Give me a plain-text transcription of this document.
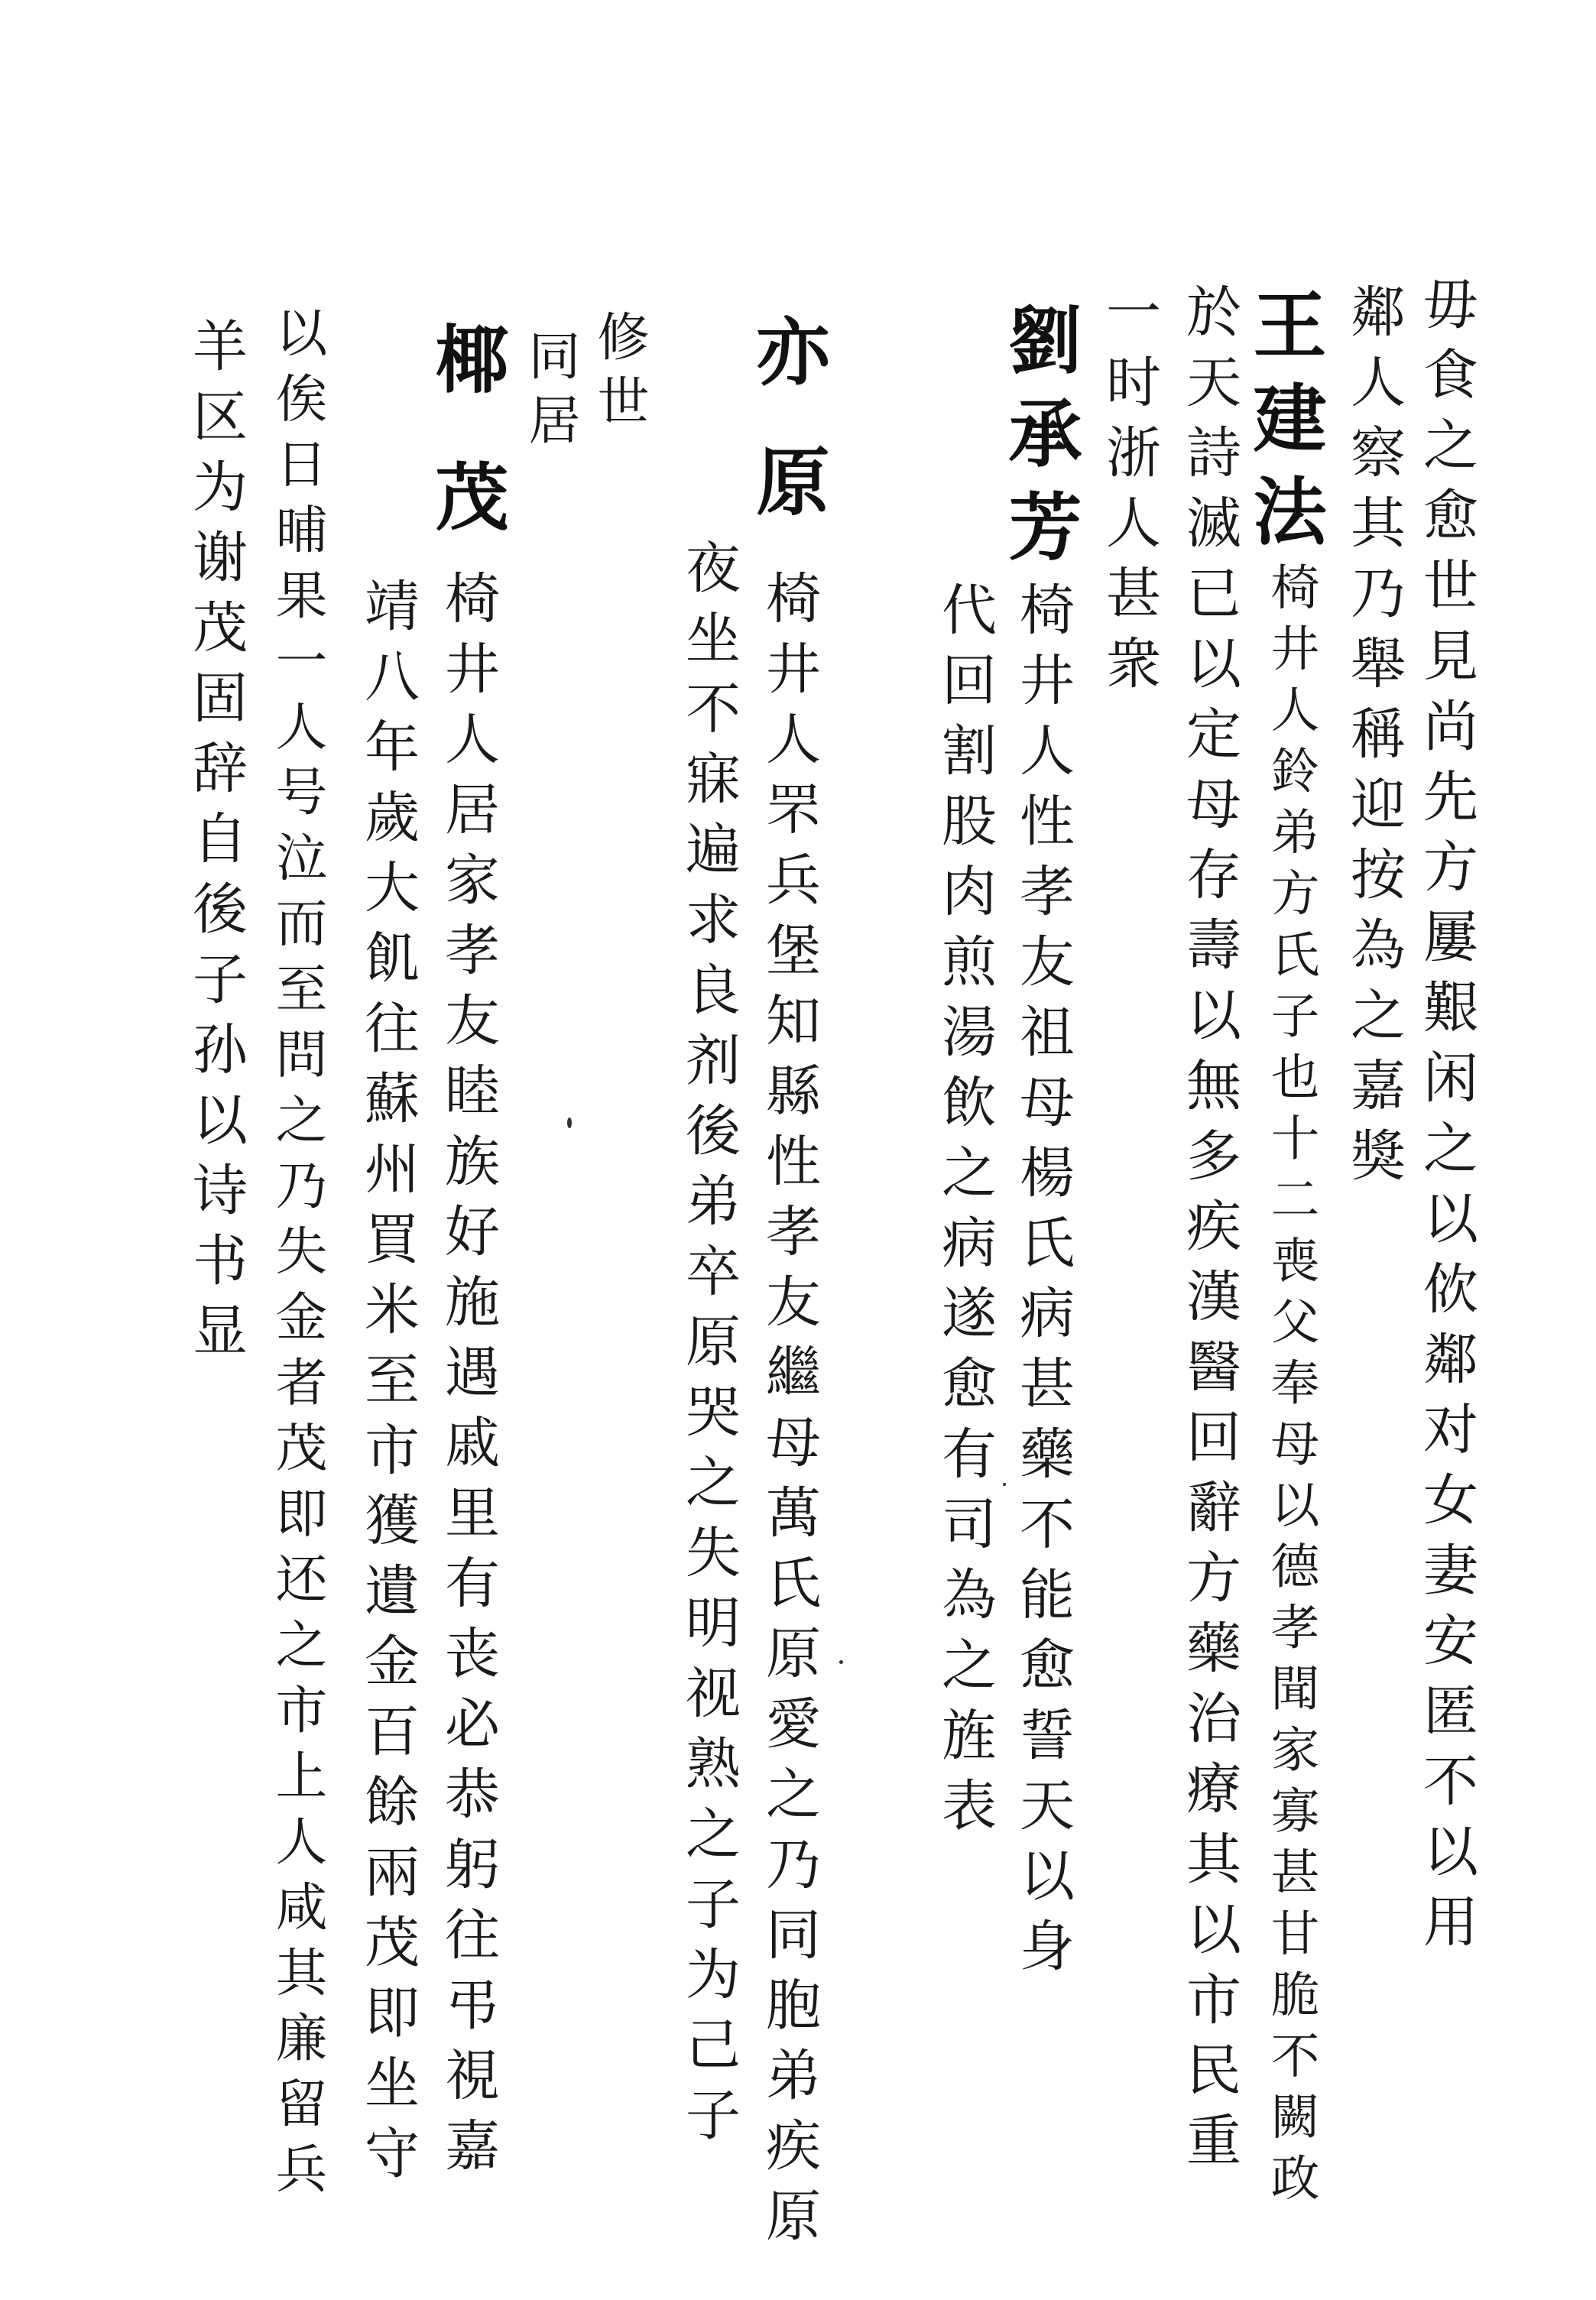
毋食之愈世見尚先方屢艱闲之以佽鄰对女妻安匿不以用
鄰人察其乃舉稱迎按為之嘉獎
王建法
椅井人鈴弟方氏子也十二喪父奉母以德孝聞家寡甚甘脆不闕政
於天詩滅已以定母存壽以無多疾漢醫回辭方藥治療其以市民重
一时浙人甚衆
劉承芳
椅井人性孝友祖母楊氏病甚藥不能愈誓天以身
代回割股肉煎湯飲之病遂愈有司為之旌表
亦
原
椅井人罘兵堡知縣性孝友繼母萬氏原愛之乃同胞弟疾原
夜坐不寐遍求良剂後弟卒原哭之失明视熟之子为己子
修世
同居
椰
茂
椅井人居家孝友睦族好施遇戚里有丧必恭躬往弔視嘉
靖八年歲大飢往蘇州買米至市獲遺金百餘兩茂即坐守
以俟日晡果一人号泣而至問之乃失金者茂即还之市上人咸其廉留兵
羊区为谢茂固辞自後子孙以诗书显
